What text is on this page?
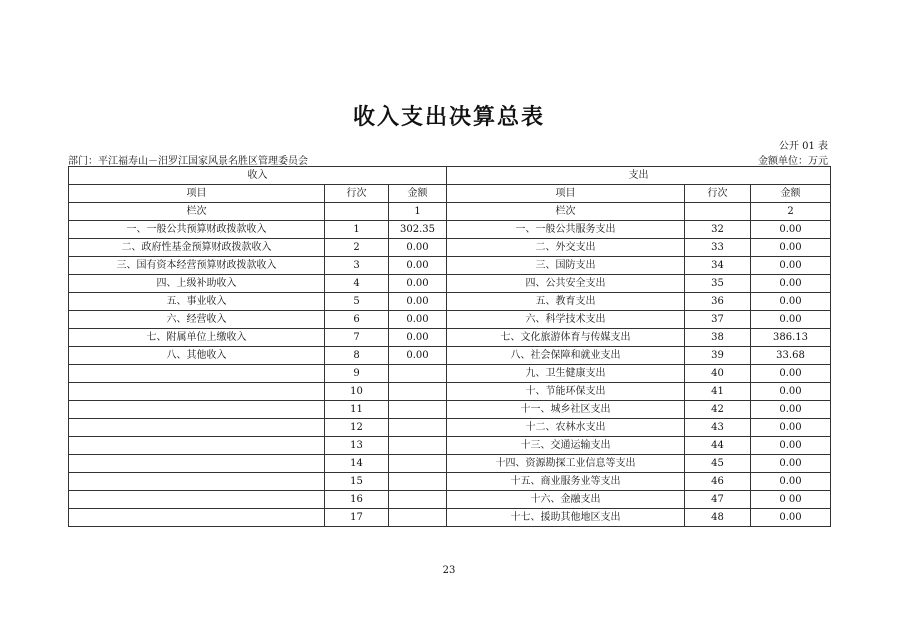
收入支出决算总表
公开 01 表
部门：平江福寿山－汨罗江国家风景名胜区管理委员会	金额单位：万元
收入			支出		
项目	行次	金额	项目	行次	金额
栏次		1	栏次		2
一、一般公共预算财政拨款收入	1	302.35	一、一般公共服务支出	32	0.00
二、政府性基金预算财政拨款收入	2	0.00	二、外交支出	33	0.00
三、国有资本经营预算财政拨款收入	3	0.00	三、国防支出	34	0.00
四、上级补助收入	4	0.00	四、公共安全支出	35	0.00
五、事业收入	5	0.00	五、教育支出	36	0.00
六、经营收入	6	0.00	六、科学技术支出	37	0.00
七、附属单位上缴收入	7	0.00	七、文化旅游体育与传媒支出	38	386.13
八、其他收入	8	0.00	八、社会保障和就业支出	39	33.68
	9		九、卫生健康支出	40	0.00
	10		十、节能环保支出	41	0.00
	11		十一、城乡社区支出	42	0.00
	12		十二、农林水支出	43	0.00
	13		十三、交通运输支出	44	0.00
	14		十四、资源勘探工业信息等支出	45	0.00
	15		十五、商业服务业等支出	46	0.00
	16		十六、金融支出	47	0 00
	17		十七、援助其他地区支出	48	0.00
23
